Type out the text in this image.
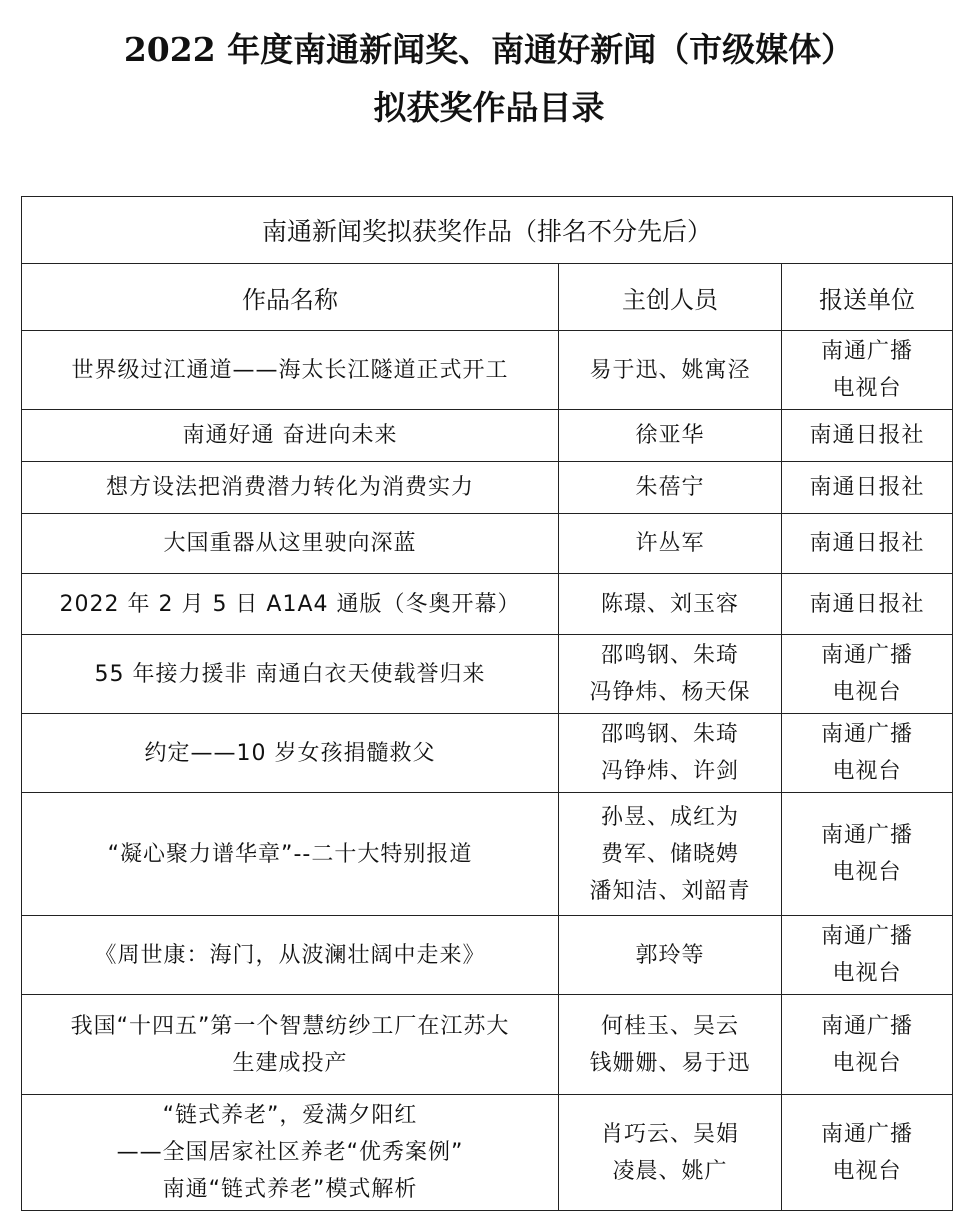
2022 年度南通新闻奖、南通好新闻（市级媒体）
拟获奖作品目录
南通新闻奖拟获奖作品（排名不分先后）		
作品名称	主创人员	报送单位

世界级过江通道——海太长江隧道正式开工	易于迅、姚寓泾	南通广播
电视台

南通好通 奋进向未来	徐亚华	南通日报社

想方设法把消费潜力转化为消费实力	朱蓓宁	南通日报社

大国重器从这里驶向深蓝	许丛军	南通日报社

2022 年 2 月 5 日 A1A4 通版（冬奥开幕）	陈璟、刘玉容	南通日报社

55 年接力援非 南通白衣天使载誉归来	邵鸣钢、朱琦
冯铮炜、杨天保	南通广播
电视台

约定——10 岁女孩捐髓救父	邵鸣钢、朱琦
冯铮炜、许剑	南通广播
电视台

“凝心聚力谱华章”--二十大特别报道	孙昱、成红为
费军、储晓娉
潘知洁、刘韶青	南通广播
电视台

《周世康：海门，从波澜壮阔中走来》	郭玲等	南通广播
电视台

我国“十四五”第一个智慧纺纱工厂在江苏大
生建成投产	何桂玉、吴云
钱姗姗、易于迅	南通广播
电视台

“链式养老”，爱满夕阳红
——全国居家社区养老“优秀案例”
南通“链式养老”模式解析	肖巧云、吴娟
凌晨、姚广	南通广播
电视台
